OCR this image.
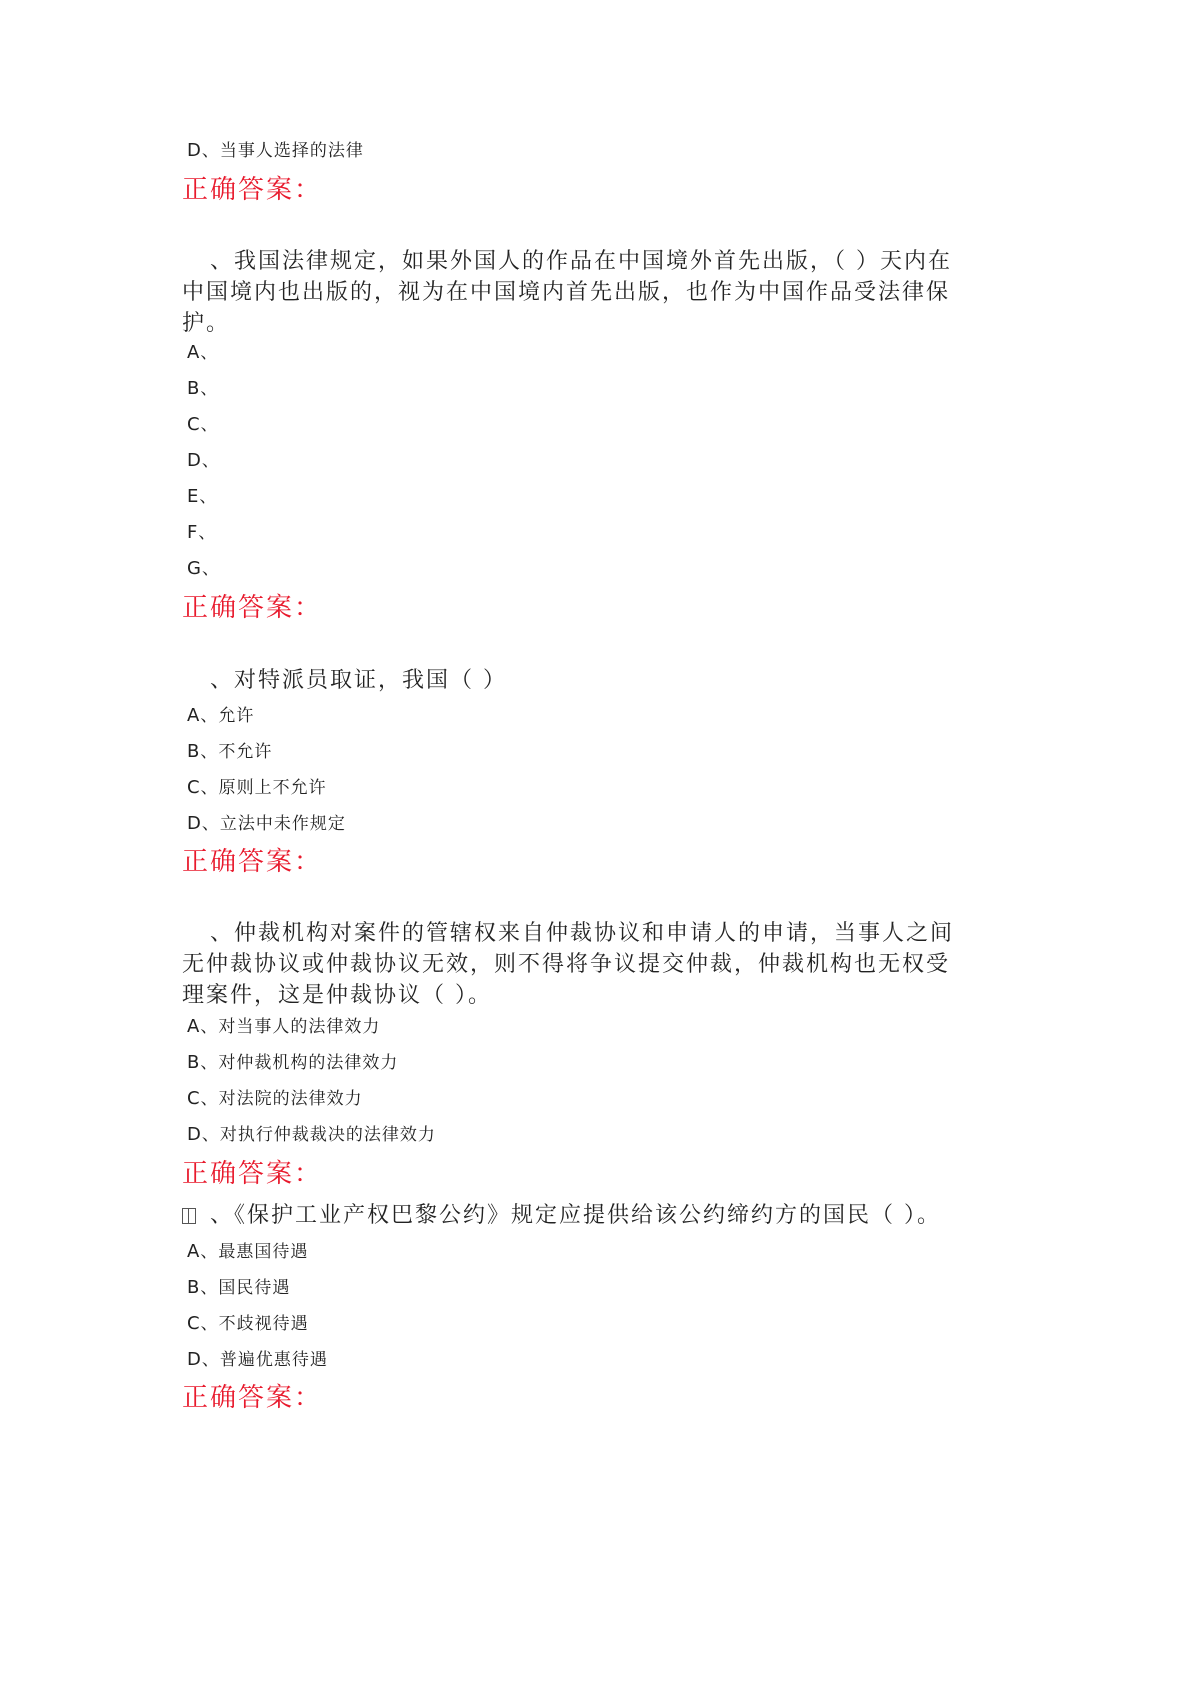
D、当事人选择的法律
正确答案：
、我国法律规定，如果外国人的作品在中国境外首先出版，（ ）天内在
中国境内也出版的，视为在中国境内首先出版，也作为中国作品受法律保
护。
A、
B、
C、
D、
E、
F、
G、
正确答案：
、对特派员取证，我国（ ）
A、允许
B、不允许
C、原则上不允许
D、立法中未作规定
正确答案：
、仲裁机构对案件的管辖权来自仲裁协议和申请人的申请，当事人之间
无仲裁协议或仲裁协议无效，则不得将争议提交仲裁，仲裁机构也无权受
理案件，这是仲裁协议（ ）。
A、对当事人的法律效力
B、对仲裁机构的法律效力
C、对法院的法律效力
D、对执行仲裁裁决的法律效力
正确答案：
、《保护工业产权巴黎公约》规定应提供给该公约缔约方的国民（ ）。
A、最惠国待遇
B、国民待遇
C、不歧视待遇
D、普遍优惠待遇
正确答案：
